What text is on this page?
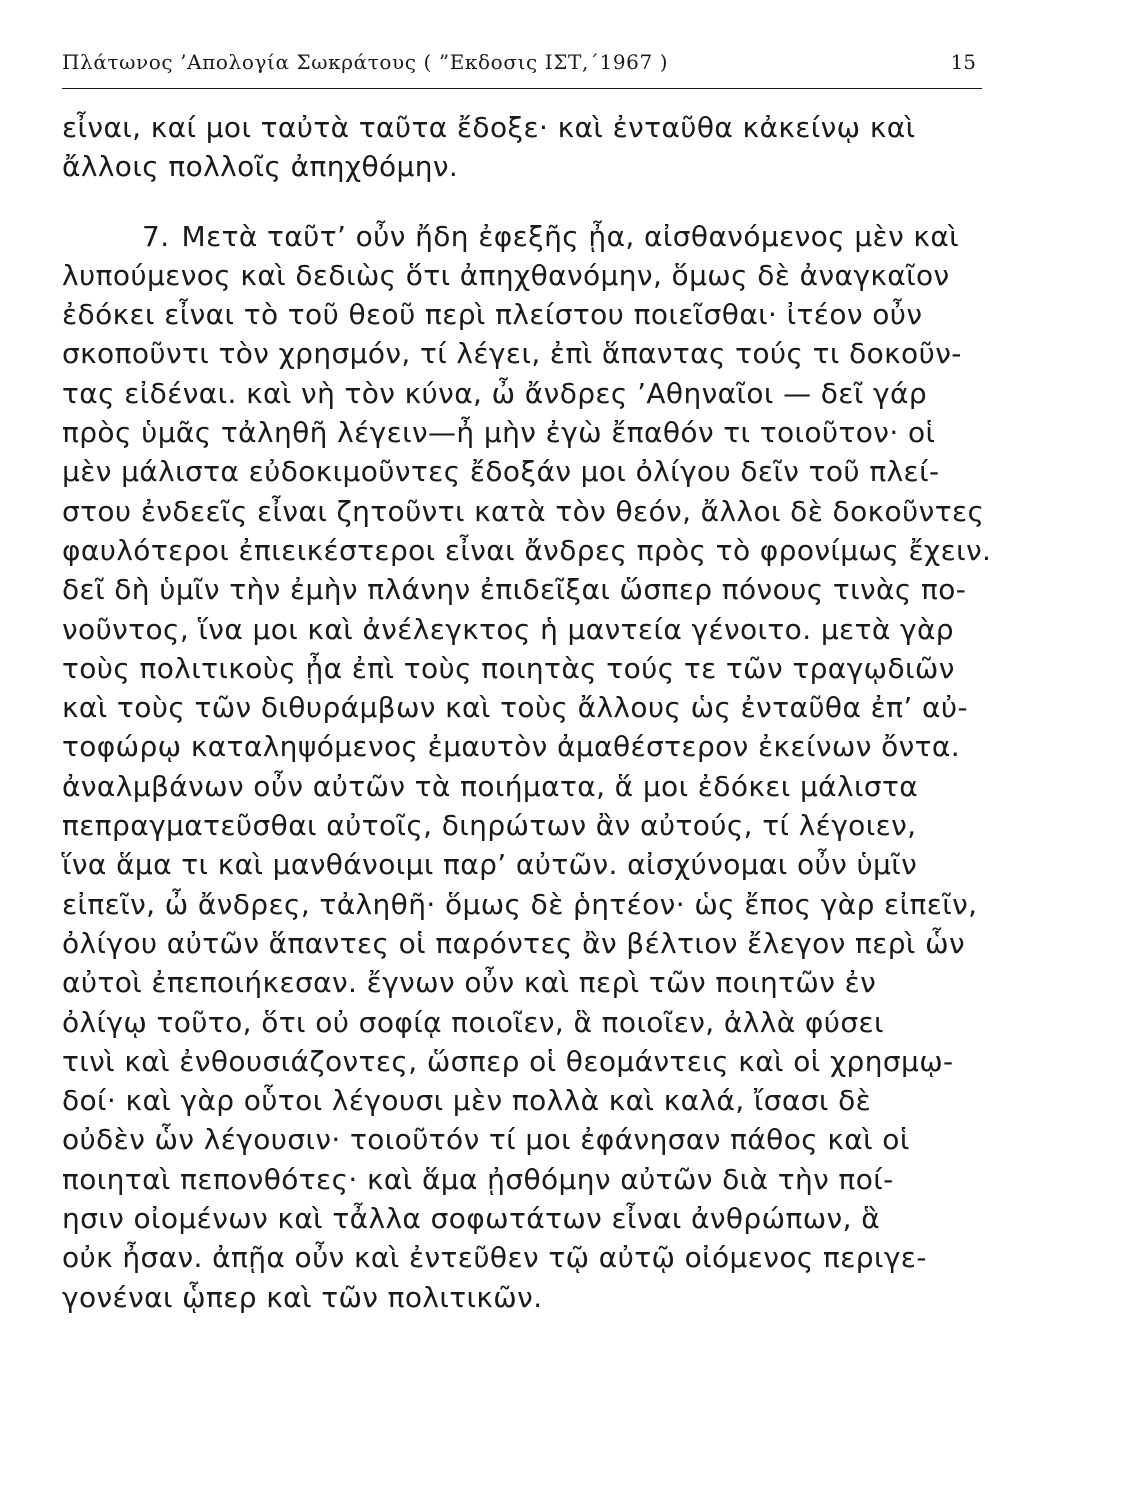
Πλάτωνος ’Απολογία Σωκράτους ( ”Εκδοσις ΙΣΤ,΄1967 )	15
εἶναι, καί μοι ταὐτὰ ταῦτα ἔδοξε· καὶ ἐνταῦθα κἀκείνῳ καὶ
ἄλλοις πολλοῖς ἀπηχθόμην.
7. Μετὰ ταῦτ’ οὖν ἤδη ἐφεξῆς ᾖα, αἰσθανόμενος μὲν καὶ
λυπούμενος καὶ δεδιὼς ὅτι ἀπηχθανόμην, ὅμως δὲ ἀναγκαῖον
ἐδόκει εἶναι τὸ τοῦ θεοῦ περὶ πλείστου ποιεῖσθαι· ἰτέον οὖν
σκοποῦντι τὸν χρησμόν, τί λέγει, ἐπὶ ἅπαντας τούς τι δοκοῦν-
τας εἰδέναι. καὶ νὴ τὸν κύνα, ὦ ἄνδρες ’Αθηναῖοι — δεῖ γάρ
πρὸς ὑμᾶς τἀληθῆ λέγειν—ἦ μὴν ἐγὼ ἔπαθόν τι τοιοῦτον· οἱ
μὲν μάλιστα εὐδοκιμοῦντες ἔδοξάν μοι ὀλίγου δεῖν τοῦ πλεί-
στου ἐνδεεῖς εἶναι ζητοῦντι κατὰ τὸν θεόν, ἄλλοι δὲ δοκοῦντες
φαυλότεροι ἐπιεικέστεροι εἶναι ἄνδρες πρὸς τὸ φρονίμως ἔχειν.
δεῖ δὴ ὑμῖν τὴν ἐμὴν πλάνην ἐπιδεῖξαι ὥσπερ πόνους τινὰς πο-
νοῦντος, ἵνα μοι καὶ ἀνέλεγκτος ἡ μαντεία γένοιτο. μετὰ γὰρ
τοὺς πολιτικοὺς ᾖα ἐπὶ τοὺς ποιητὰς τούς τε τῶν τραγῳδιῶν
καὶ τοὺς τῶν διθυράμβων καὶ τοὺς ἄλλους ὡς ἐνταῦθα ἐπ’ αὐ-
τοφώρῳ καταληψόμενος ἐμαυτὸν ἀμαθέστερον ἐκείνων ὄντα.
ἀναλμβάνων οὖν αὐτῶν τὰ ποιήματα, ἅ μοι ἐδόκει μάλιστα
πεπραγματεῦσθαι αὐτοῖς, διηρώτων ἂν αὐτούς, τί λέγοιεν,
ἵνα ἅμα τι καὶ μανθάνοιμι παρ’ αὐτῶν. αἰσχύνομαι οὖν ὑμῖν
εἰπεῖν, ὦ ἄνδρες, τἀληθῆ· ὅμως δὲ ῥητέον· ὡς ἔπος γὰρ εἰπεῖν,
ὀλίγου αὐτῶν ἅπαντες οἱ παρόντες ἂν βέλτιον ἔλεγον περὶ ὧν
αὐτοὶ ἐπεποιήκεσαν. ἔγνων οὖν καὶ περὶ τῶν ποιητῶν ἐν
ὀλίγῳ τοῦτο, ὅτι οὐ σοφίᾳ ποιοῖεν, ἃ ποιοῖεν, ἀλλὰ φύσει
τινὶ καὶ ἐνθουσιάζοντες, ὥσπερ οἱ θεομάντεις καὶ οἱ χρησμῳ-
δοί· καὶ γὰρ οὗτοι λέγουσι μὲν πολλὰ καὶ καλά, ἴσασι δὲ
οὐδὲν ὧν λέγουσιν· τοιοῦτόν τί μοι ἐφάνησαν πάθος καὶ οἱ
ποιηταὶ πεπονθότες· καὶ ἅμα ᾐσθόμην αὐτῶν διὰ τὴν ποί-
ησιν οἰομένων καὶ τἆλλα σοφωτάτων εἶναι ἀνθρώπων, ἃ
οὐκ ἦσαν. ἀπῇα οὖν καὶ ἐντεῦθεν τῷ αὐτῷ οἰόμενος περιγε-
γονέναι ᾧπερ καὶ τῶν πολιτικῶν.
